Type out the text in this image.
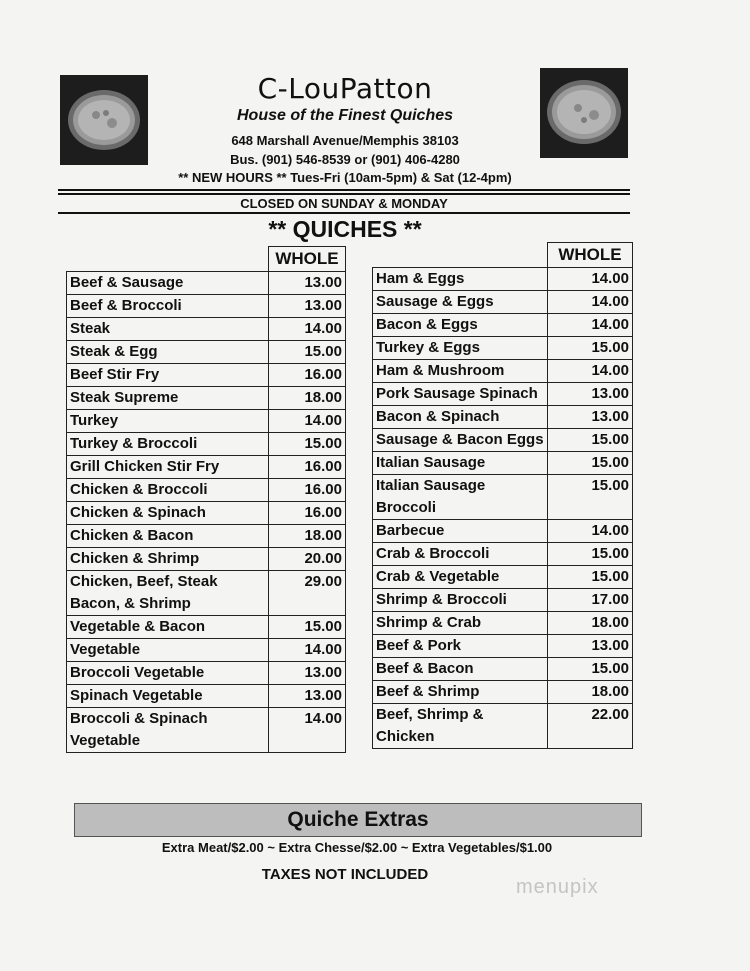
C-LouPatton
House of the Finest Quiches
648 Marshall Avenue/Memphis 38103
Bus. (901) 546-8539 or (901) 406-4280
** NEW HOURS ** Tues-Fri (10am-5pm) & Sat (12-4pm)
CLOSED ON SUNDAY & MONDAY
** QUICHES **
WHOLE	WHOLE
Beef & Sausage	13.00
Beef & Broccoli	13.00
Steak	14.00
Steak & Egg	15.00
Beef Stir Fry	16.00
Steak Supreme	18.00
Turkey	14.00
Turkey & Broccoli	15.00
Grill Chicken Stir Fry	16.00
Chicken & Broccoli	16.00
Chicken & Spinach	16.00
Chicken & Bacon	18.00
Chicken & Shrimp	20.00
Chicken, Beef, Steak Bacon, & Shrimp	29.00
Vegetable & Bacon	15.00
Vegetable	14.00
Broccoli Vegetable	13.00
Spinach Vegetable	13.00
Broccoli & Spinach Vegetable	14.00
Ham & Eggs	14.00
Sausage & Eggs	14.00
Bacon & Eggs	14.00
Turkey & Eggs	15.00
Ham & Mushroom	14.00
Pork Sausage Spinach	13.00
Bacon & Spinach	13.00
Sausage & Bacon Eggs	15.00
Italian Sausage	15.00
Italian Sausage Broccoli	15.00
Barbecue	14.00
Crab & Broccoli	15.00
Crab & Vegetable	15.00
Shrimp & Broccoli	17.00
Shrimp & Crab	18.00
Beef & Pork	13.00
Beef & Bacon	15.00
Beef & Shrimp	18.00
Beef, Shrimp & Chicken	22.00
Quiche Extras
Extra Meat/$2.00 ~ Extra Chesse/$2.00 ~ Extra Vegetables/$1.00
TAXES NOT INCLUDED
menupix
